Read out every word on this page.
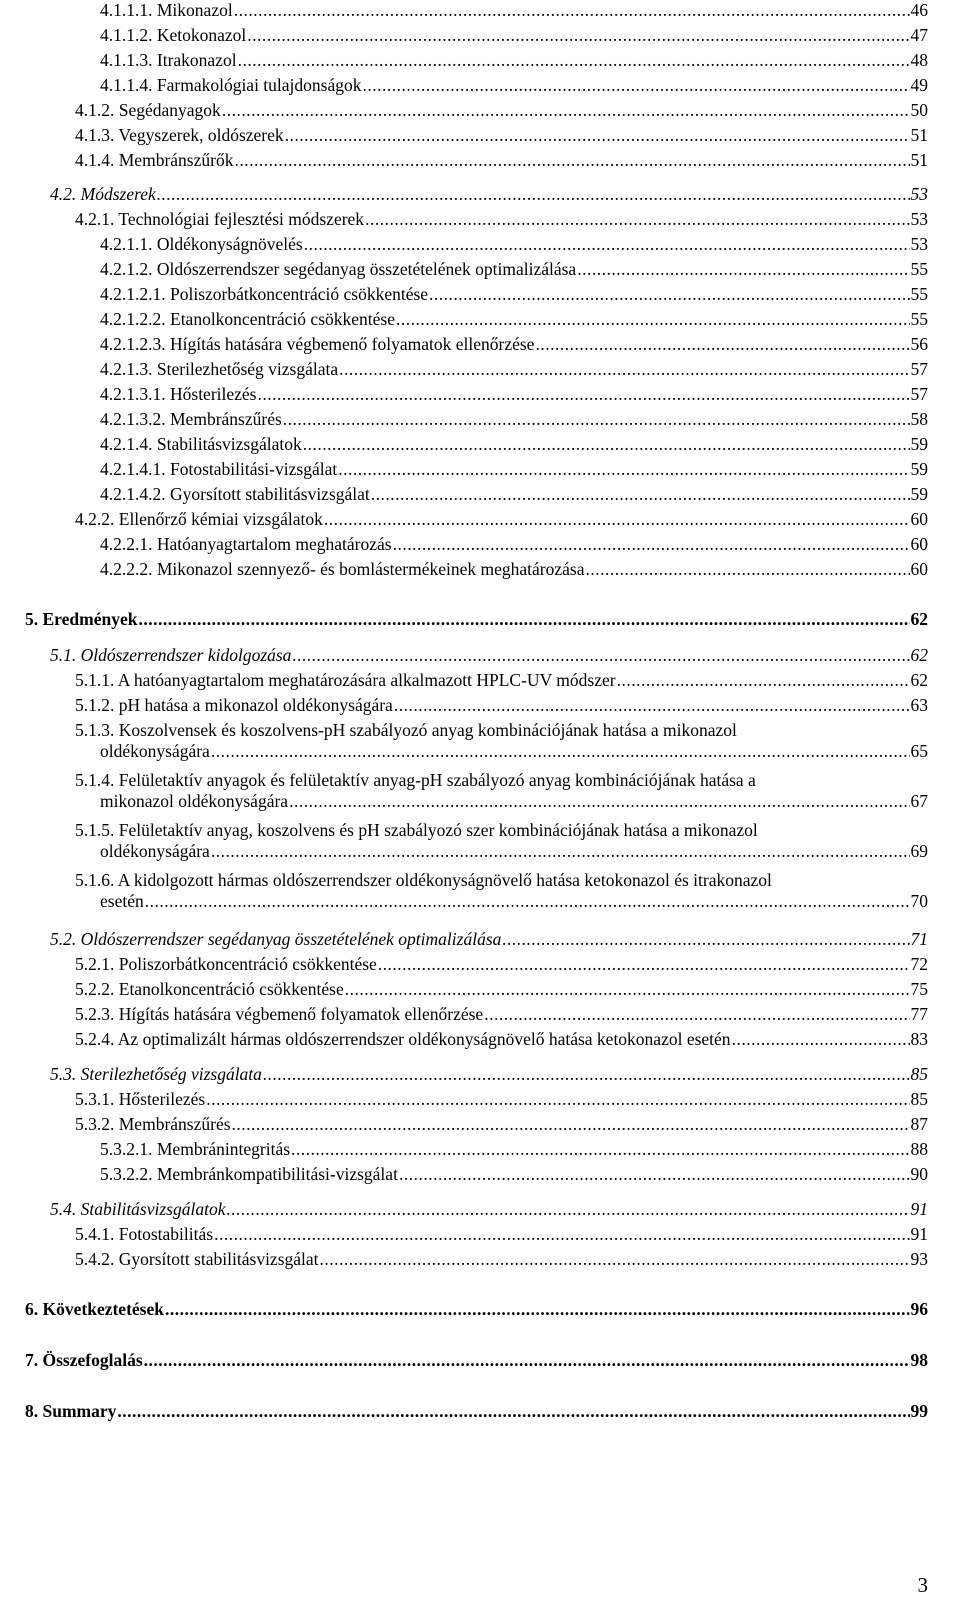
4.1.1.1. Mikonazol .....	46
4.1.1.2. Ketokonazol .....	47
4.1.1.3. Itrakonazol .....	48
4.1.1.4. Farmakológiai tulajdonságok .....	49
4.1.2. Segédanyagok .....	50
4.1.3. Vegyszerek, oldószerek .....	51
4.1.4. Membránszűrők .....	51
4.2. Módszerek .....	53
4.2.1. Technológiai fejlesztési módszerek .....	53
4.2.1.1. Oldékonyságnövelés .....	53
4.2.1.2. Oldószerrendszer segédanyag összetételének optimalizálása .....	55
4.2.1.2.1. Poliszorbátkoncentráció csökkentése .....	55
4.2.1.2.2. Etanolkoncentráció csökkentése .....	55
4.2.1.2.3. Hígítás hatására végbemenő folyamatok ellenőrzése .....	56
4.2.1.3. Sterilezhetőség vizsgálata .....	57
4.2.1.3.1. Hősterilezés .....	57
4.2.1.3.2. Membránszűrés .....	58
4.2.1.4. Stabilitásvizsgálatok .....	59
4.2.1.4.1. Fotostabilitási-vizsgálat .....	59
4.2.1.4.2. Gyorsított stabilitásvizsgálat .....	59
4.2.2. Ellenőrző kémiai vizsgálatok .....	60
4.2.2.1. Hatóanyagtartalom meghatározás .....	60
4.2.2.2. Mikonazol szennyező- és bomlástermékeinek meghatározása .....	60
5. Eredmények .....	62
5.1. Oldószerrendszer kidolgozása .....	62
5.1.1. A hatóanyagtartalom meghatározására alkalmazott HPLC-UV módszer .....	62
5.1.2. pH hatása a mikonazol oldékonyságára .....	63
5.1.3. Koszolvensek és koszolvens-pH szabályozó anyag kombinációjának hatása a mikonazol
oldékonyságára .....	65
5.1.4. Felületaktív anyagok és felületaktív anyag-pH szabályozó anyag kombinációjának hatása a
mikonazol oldékonyságára .....	67
5.1.5. Felületaktív anyag, koszolvens és pH szabályozó szer kombinációjának hatása a mikonazol
oldékonyságára .....	69
5.1.6. A kidolgozott hármas oldószerrendszer oldékonyságnövelő hatása ketokonazol és itrakonazol
esetén .....	70
5.2. Oldószerrendszer segédanyag összetételének optimalizálása .....	71
5.2.1. Poliszorbátkoncentráció csökkentése .....	72
5.2.2. Etanolkoncentráció csökkentése .....	75
5.2.3. Hígítás hatására végbemenő folyamatok ellenőrzése .....	77
5.2.4. Az optimalizált hármas oldószerrendszer oldékonyságnövelő hatása ketokonazol esetén .....	83
5.3. Sterilezhetőség vizsgálata .....	85
5.3.1. Hősterilezés .....	85
5.3.2. Membránszűrés .....	87
5.3.2.1. Membránintegritás .....	88
5.3.2.2. Membránkompatibilitási-vizsgálat .....	90
5.4. Stabilitásvizsgálatok .....	91
5.4.1. Fotostabilitás .....	91
5.4.2. Gyorsított stabilitásvizsgálat .....	93
6. Következtetések .....	96
7. Összefoglalás .....	98
8. Summary .....	99
3
